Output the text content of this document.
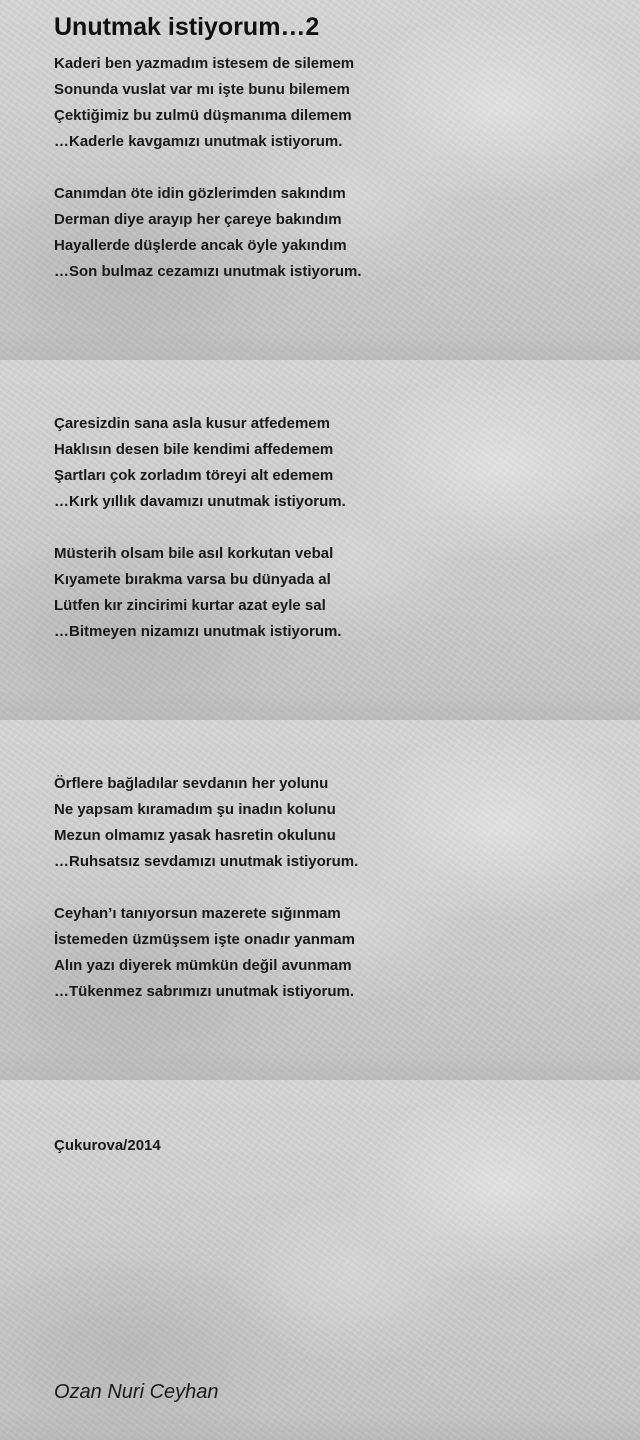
Unutmak istiyorum…2
Kaderi ben yazmadım istesem de silemem
Sonunda vuslat var mı işte bunu bilemem
Çektiğimiz bu zulmü düşmanıma dilemem
…Kaderle kavgamızı unutmak istiyorum.
Canımdan öte idin gözlerimden sakındım
Derman diye arayıp her çareye bakındım
Hayallerde düşlerde ancak öyle yakındım
…Son bulmaz cezamızı unutmak istiyorum.
Çaresizdin sana asla kusur atfedemem
Haklısın desen bile kendimi affedemem
Şartları çok zorladım töreyi alt edemem
…Kırk yıllık davamızı unutmak istiyorum.
Müsterih olsam bile asıl korkutan vebal
Kıyamete bırakma varsa bu dünyada al
Lütfen kır zincirimi kurtar azat eyle sal
…Bitmeyen nizamızı unutmak istiyorum.
Örflere bağladılar sevdanın her yolunu
Ne yapsam kıramadım şu inadın kolunu
Mezun olmamız yasak hasretin okulunu
…Ruhsatsız sevdamızı unutmak istiyorum.
Ceyhan’ı tanıyorsun mazerete sığınmam
İstemeden üzmüşsem işte onadır yanmam
Alın yazı diyerek mümkün değil avunmam
…Tükenmez sabrımızı unutmak istiyorum.
Çukurova/2014
Ozan Nuri Ceyhan
